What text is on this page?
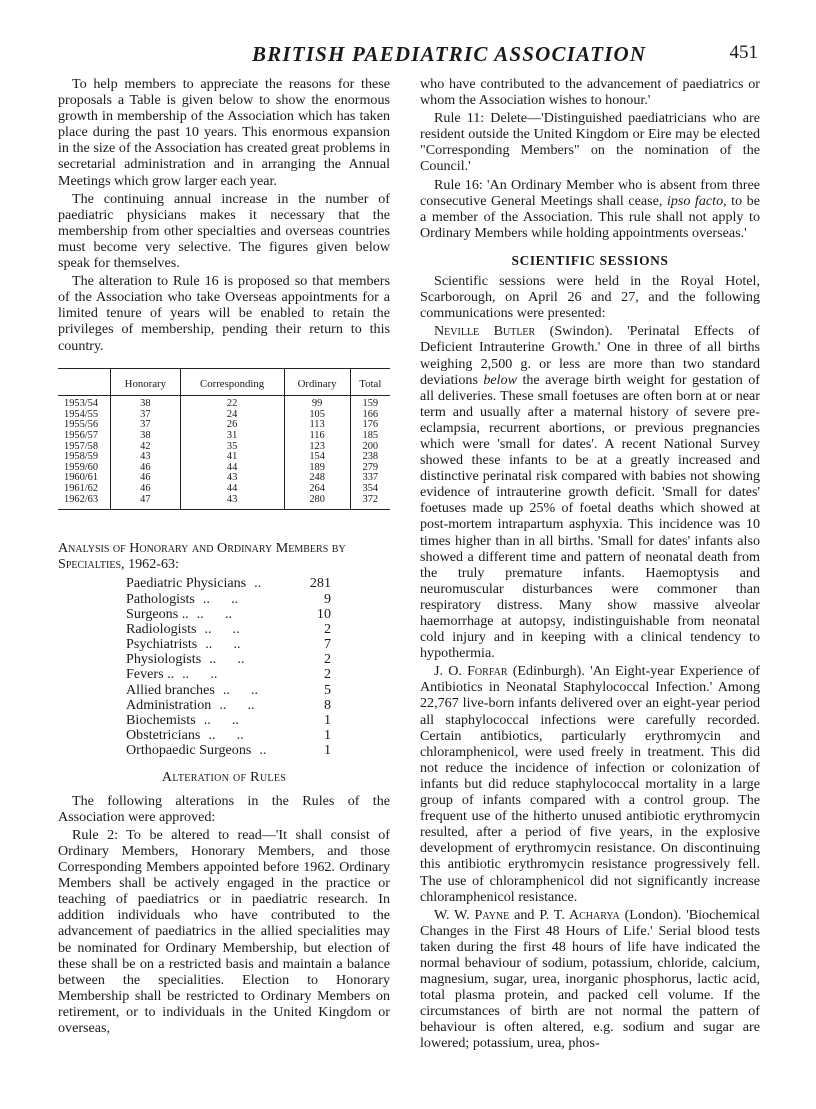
BRITISH PAEDIATRIC ASSOCIATION	451

To help members to appreciate the reasons for these proposals a Table is given below to show the enormous growth in membership of the Association which has taken place during the past 10 years. This enormous expansion in the size of the Association has created great problems in secretarial administration and in arranging the Annual Meetings which grow larger each year.

The continuing annual increase in the number of paediatric physicians makes it necessary that the membership from other specialties and overseas countries must become very selective. The figures given below speak for themselves.

The alteration to Rule 16 is proposed so that members of the Association who take Overseas appointments for a limited tenure of years will be enabled to retain the privileges of membership, pending their return to this country.

	Honorary	Corresponding	Ordinary	Total
1953/54	38	22	99	159
1954/55	37	24	105	166
1955/56	37	26	113	176
1956/57	38	31	116	185
1957/58	42	35	123	200
1958/59	43	41	154	238
1959/60	46	44	189	279
1960/61	46	43	248	337
1961/62	46	44	264	354
1962/63	47	43	280	372

Analysis of Honorary and Ordinary Members by Specialties, 1962-63:

Paediatric Physicians ..	281
Pathologists ..      ..	9
Surgeons .. ..      ..	10
Radiologists ..      ..	2
Psychiatrists ..      ..	7
Physiologists ..      ..	2
Fevers .. ..      ..	2
Allied branches ..      ..	5
Administration ..      ..	8
Biochemists ..      ..	1
Obstetricians ..      ..	1
Orthopaedic Surgeons ..	1
Alteration of Rules

The following alterations in the Rules of the Association were approved:

Rule 2: To be altered to read—'It shall consist of Ordinary Members, Honorary Members, and those Corresponding Members appointed before 1962. Ordinary Members shall be actively engaged in the practice or teaching of paediatrics or in paediatric research. In addition individuals who have contributed to the advancement of paediatrics in the allied specialities may be nominated for Ordinary Membership, but election of these shall be on a restricted basis and maintain a balance between the specialities. Election to Honorary Membership shall be restricted to Ordinary Members on retirement, or to individuals in the United Kingdom or overseas,

who have contributed to the advancement of paediatrics or whom the Association wishes to honour.'

Rule 11: Delete—'Distinguished paediatricians who are resident outside the United Kingdom or Eire may be elected "Corresponding Members" on the nomination of the Council.'

Rule 16: 'An Ordinary Member who is absent from three consecutive General Meetings shall cease, ipso facto, to be a member of the Association. This rule shall not apply to Ordinary Members while holding appointments overseas.'

SCIENTIFIC SESSIONS

Scientific sessions were held in the Royal Hotel, Scarborough, on April 26 and 27, and the following communications were presented:

Neville Butler (Swindon). 'Perinatal Effects of Deficient Intrauterine Growth.' One in three of all births weighing 2,500 g. or less are more than two standard deviations below the average birth weight for gestation of all deliveries. These small foetuses are often born at or near term and usually after a maternal history of severe pre-eclampsia, recurrent abortions, or previous pregnancies which were 'small for dates'. A recent National Survey showed these infants to be at a greatly increased and distinctive perinatal risk compared with babies not showing evidence of intrauterine growth deficit. 'Small for dates' foetuses made up 25% of foetal deaths which showed at post-mortem intrapartum asphyxia. This incidence was 10 times higher than in all births. 'Small for dates' infants also showed a different time and pattern of neonatal death from the truly premature infants. Haemoptysis and neuromuscular disturbances were commoner than respiratory distress. Many show massive alveolar haemorrhage at autopsy, indistinguishable from neonatal cold injury and in keeping with a clinical tendency to hypothermia.

J. O. Forfar (Edinburgh). 'An Eight-year Experience of Antibiotics in Neonatal Staphylococcal Infection.' Among 22,767 live-born infants delivered over an eight-year period all staphylococcal infections were carefully recorded. Certain antibiotics, particularly erythromycin and chloramphenicol, were used freely in treatment. This did not reduce the incidence of infection or colonization of infants but did reduce staphylococcal mortality in a large group of infants compared with a control group. The frequent use of the hitherto unused antibiotic erythromycin resulted, after a period of five years, in the explosive development of erythromycin resistance. On discontinuing this antibiotic erythromycin resistance progressively fell. The use of chloramphenicol did not significantly increase chloramphenicol resistance.

W. W. Payne and P. T. Acharya (London). 'Biochemical Changes in the First 48 Hours of Life.' Serial blood tests taken during the first 48 hours of life have indicated the normal behaviour of sodium, potassium, chloride, calcium, magnesium, sugar, urea, inorganic phosphorus, lactic acid, total plasma protein, and packed cell volume. If the circumstances of birth are not normal the pattern of behaviour is often altered, e.g. sodium and sugar are lowered; potassium, urea, phos-
